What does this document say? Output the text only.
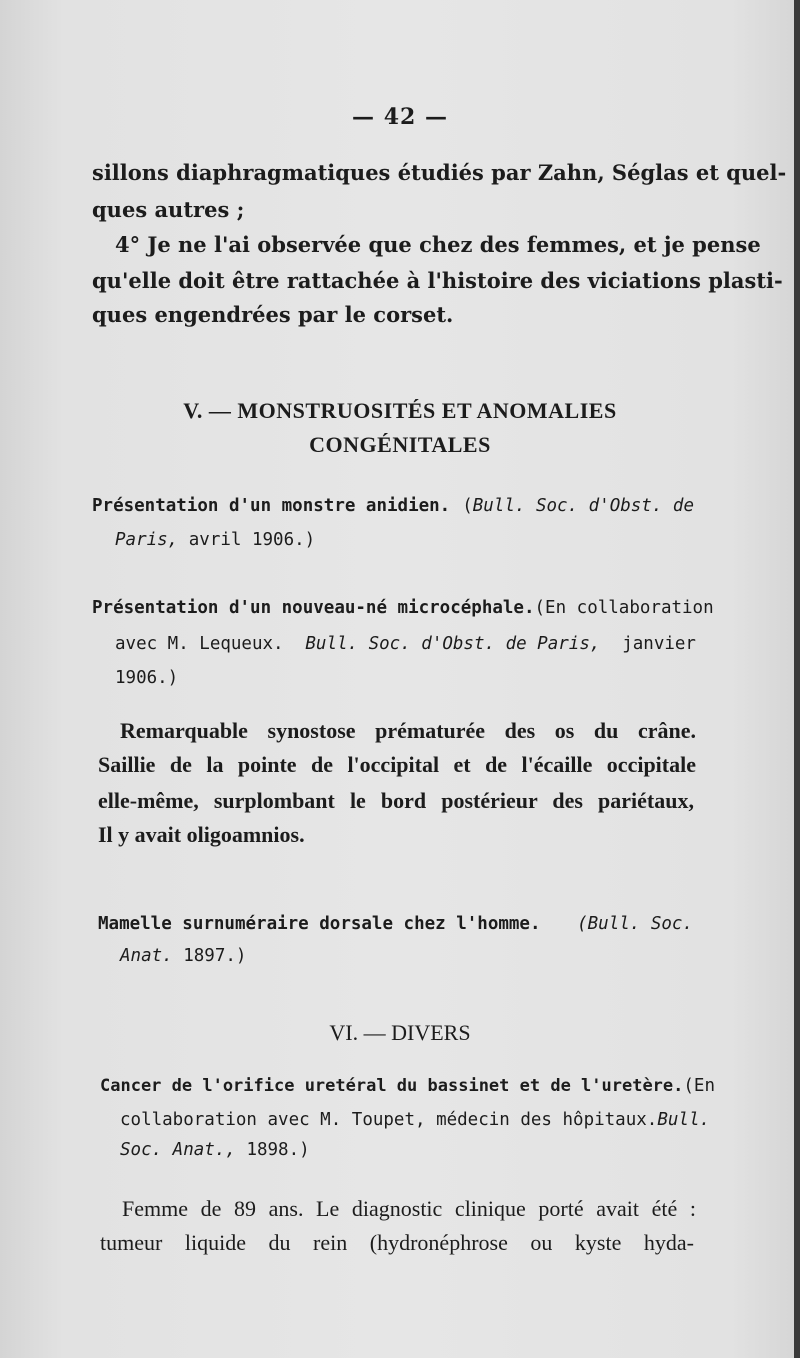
— 42 —
sillons diaphragmatiques étudiés par Zahn, Séglas et quel-
ques autres ;
4° Je ne l'ai observée que chez des femmes, et je pense
qu'elle doit être rattachée à l'histoire des viciations plasti-
ques engendrées par le corset.
V. — MONSTRUOSITÉS ET ANOMALIES
CONGÉNITALES
Présentation d'un monstre anidien. (Bull. Soc. d'Obst. de
Paris, avril 1906.)
Présentation d'un nouveau-né microcéphale. (En collaboration
avec M. Lequeux. Bull. Soc. d'Obst. de Paris, janvier
1906.)
Remarquable synostose prématurée des os du crâne.
Saillie de la pointe de l'occipital et de l'écaille occipitale
elle-même, surplombant le bord postérieur des pariétaux,
Il y avait oligoamnios.
Mamelle surnuméraire dorsale chez l'homme. (Bull. Soc.
Anat. 1897.)
VI. — DIVERS
Cancer de l'orifice uretéral du bassinet et de l'uretère. (En
collaboration avec M. Toupet, médecin des hôpitaux. Bull.
Soc. Anat., 1898.)
Femme de 89 ans. Le diagnostic clinique porté avait été :
tumeur liquide du rein (hydronéphrose ou kyste hyda-
